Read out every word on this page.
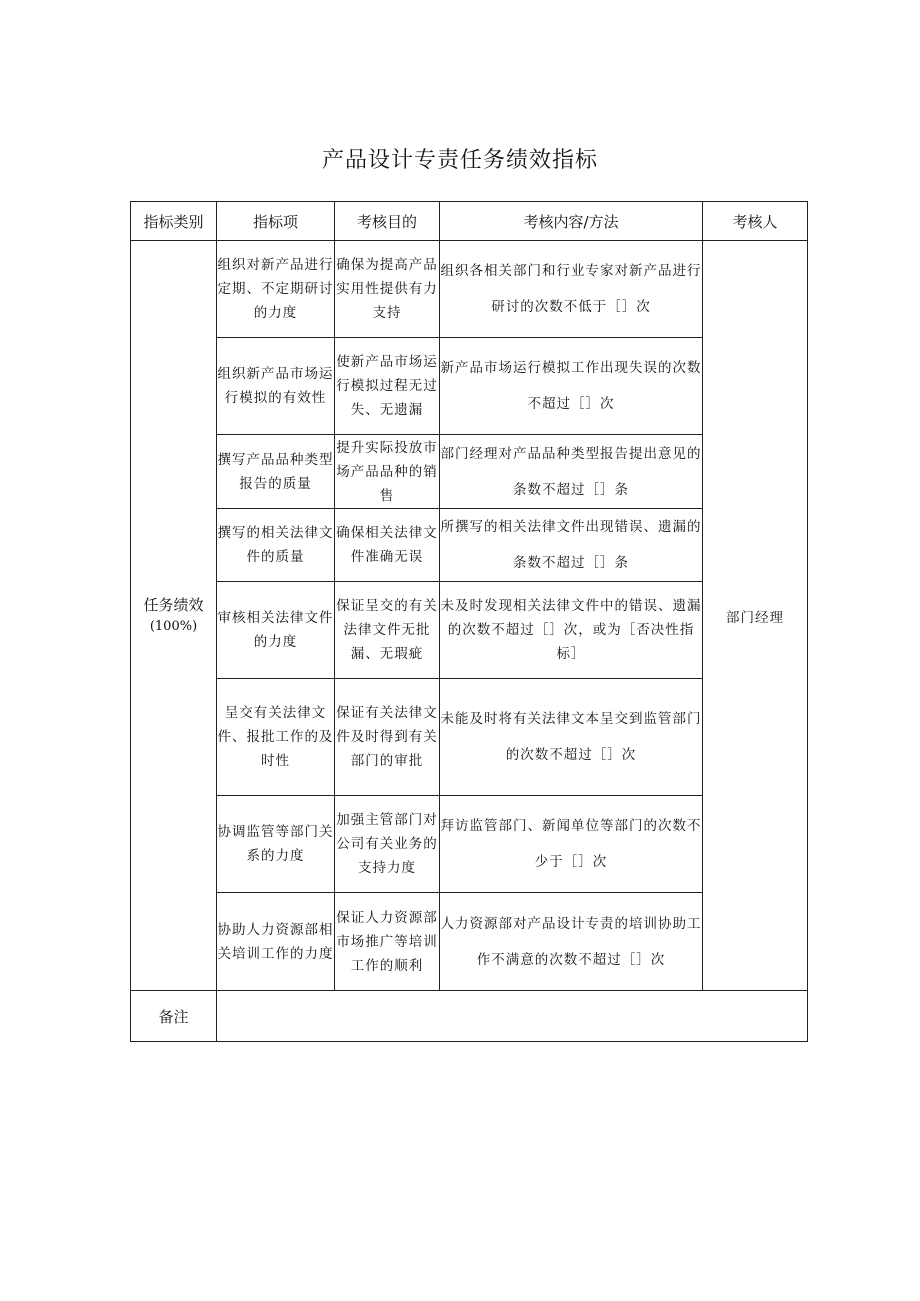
产品设计专责任务绩效指标
指标类别	指标项	考核目的	考核内容/方法	考核人
任务绩效
(100%)	组织对新产品进行定期、不定期研讨的力度	确保为提高产品实用性提供有力支持	组织各相关部门和行业专家对新产品进行研讨的次数不低于［］次	部门经理
	组织新产品市场运行模拟的有效性	使新产品市场运行模拟过程无过失、无遗漏	新产品市场运行模拟工作出现失误的次数不超过［］次	
	撰写产品品种类型报告的质量	提升实际投放市场产品品种的销售	部门经理对产品品种类型报告提出意见的条数不超过［］条	
	撰写的相关法律文件的质量	确保相关法律文件准确无误	所撰写的相关法律文件出现错误、遗漏的条数不超过［］条	
	审核相关法律文件的力度	保证呈交的有关法律文件无批漏、无瑕疵	未及时发现相关法律文件中的错误、遗漏的次数不超过［］次，或为［否决性指标］	
	呈交有关法律文件、报批工作的及时性	保证有关法律文件及时得到有关部门的审批	未能及时将有关法律文本呈交到监管部门的次数不超过［］次	
	协调监管等部门关系的力度	加强主管部门对公司有关业务的支持力度	拜访监管部门、新闻单位等部门的次数不少于［］次	
	协助人力资源部相关培训工作的力度	保证人力资源部市场推广等培训工作的顺利	人力资源部对产品设计专责的培训协助工作不满意的次数不超过［］次	
备注				
